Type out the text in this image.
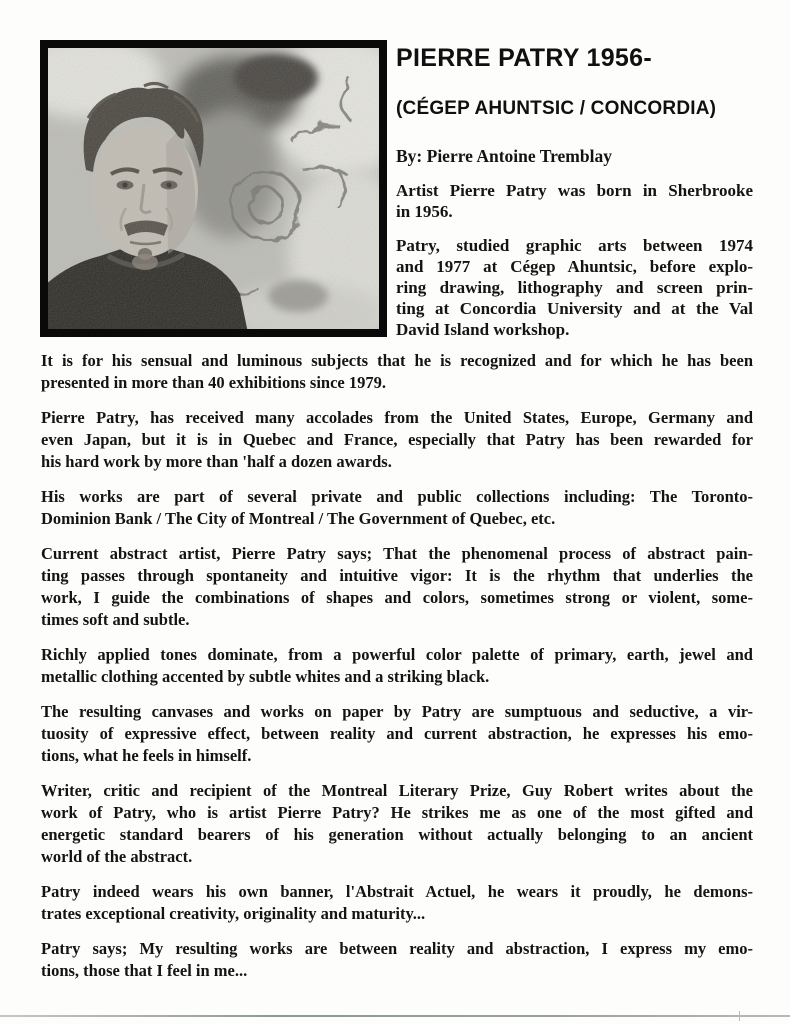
PIERRE PATRY 1956-
(CÉGEP AHUNTSIC / CONCORDIA)
By: Pierre Antoine Tremblay
Artist Pierre Patry was born in Sherbrooke
in 1956.
Patry, studied graphic arts between 1974
and 1977 at Cégep Ahuntsic, before explo-
ring drawing, lithography and screen prin-
ting at Concordia University and at the Val
David Island workshop.
It is for his sensual and luminous subjects that he is recognized and for which he has been
presented in more than 40 exhibitions since 1979.
Pierre Patry, has received many accolades from the United States, Europe, Germany and
even Japan, but it is in Quebec and France, especially that Patry has been rewarded for
his hard work by more than 'half a dozen awards.
His works are part of several private and public collections including: The Toronto-
Dominion Bank / The City of Montreal / The Government of Quebec, etc.
Current abstract artist, Pierre Patry says; That the phenomenal process of abstract pain-
ting passes through spontaneity and intuitive vigor: It is the rhythm that underlies the
work, I guide the combinations of shapes and colors, sometimes strong or violent, some-
times soft and subtle.
Richly applied tones dominate, from a powerful color palette of primary, earth, jewel and
metallic clothing accented by subtle whites and a striking black.
The resulting canvases and works on paper by Patry are sumptuous and seductive, a vir-
tuosity of expressive effect, between reality and current abstraction, he expresses his emo-
tions, what he feels in himself.
Writer, critic and recipient of the Montreal Literary Prize, Guy Robert writes about the
work of Patry, who is artist Pierre Patry? He strikes me as one of the most gifted and
energetic standard bearers of his generation without actually belonging to an ancient
world of the abstract.
Patry indeed wears his own banner, l'Abstrait Actuel, he wears it proudly, he demons-
trates exceptional creativity, originality and maturity...
Patry says; My resulting works are between reality and abstraction, I express my emo-
tions, those that I feel in me...
